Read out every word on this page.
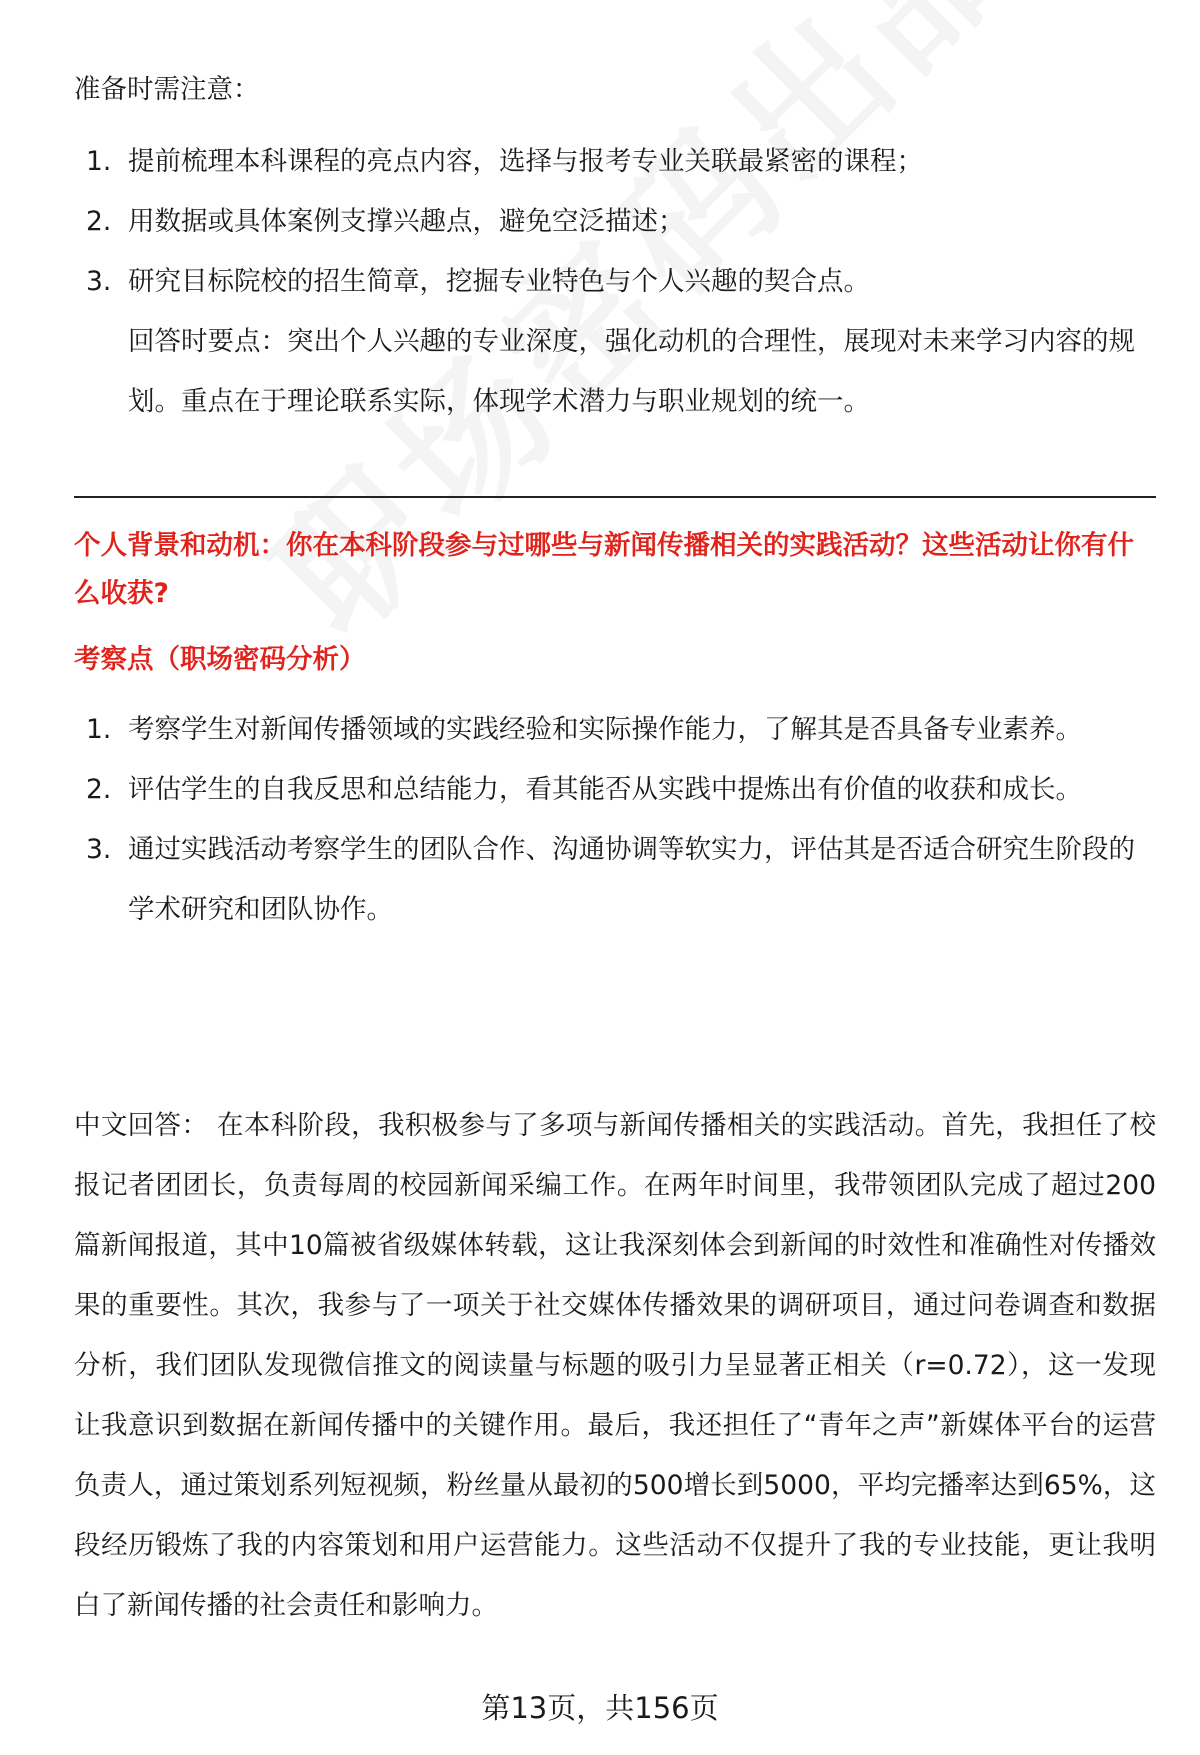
准备时需注意：
1. 提前梳理本科课程的亮点内容，选择与报考专业关联最紧密的课程；
2. 用数据或具体案例支撑兴趣点，避免空泛描述；
3. 研究目标院校的招生简章，挖掘专业特色与个人兴趣的契合点。
回答时要点：突出个人兴趣的专业深度，强化动机的合理性，展现对未来学习内容的规划。重点在于理论联系实际，体现学术潜力与职业规划的统一。
个人背景和动机：你在本科阶段参与过哪些与新闻传播相关的实践活动？这些活动让你有什么收获?
考察点（职场密码分析）
1. 考察学生对新闻传播领域的实践经验和实际操作能力，了解其是否具备专业素养。
2. 评估学生的自我反思和总结能力，看其能否从实践中提炼出有价值的收获和成长。
3. 通过实践活动考察学生的团队合作、沟通协调等软实力，评估其是否适合研究生阶段的学术研究和团队协作。
中文回答： 在本科阶段，我积极参与了多项与新闻传播相关的实践活动。首先，我担任了校报记者团团长，负责每周的校园新闻采编工作。在两年时间里，我带领团队完成了超过200篇新闻报道，其中10篇被省级媒体转载，这让我深刻体会到新闻的时效性和准确性对传播效果的重要性。其次，我参与了一项关于社交媒体传播效果的调研项目，通过问卷调查和数据分析，我们团队发现微信推文的阅读量与标题的吸引力呈显著正相关（r=0.72），这一发现让我意识到数据在新闻传播中的关键作用。最后，我还担任了“青年之声”新媒体平台的运营负责人，通过策划系列短视频，粉丝量从最初的500增长到5000，平均完播率达到65%，这段经历锻炼了我的内容策划和用户运营能力。这些活动不仅提升了我的专业技能，更让我明白了新闻传播的社会责任和影响力。
第13页，共156页
